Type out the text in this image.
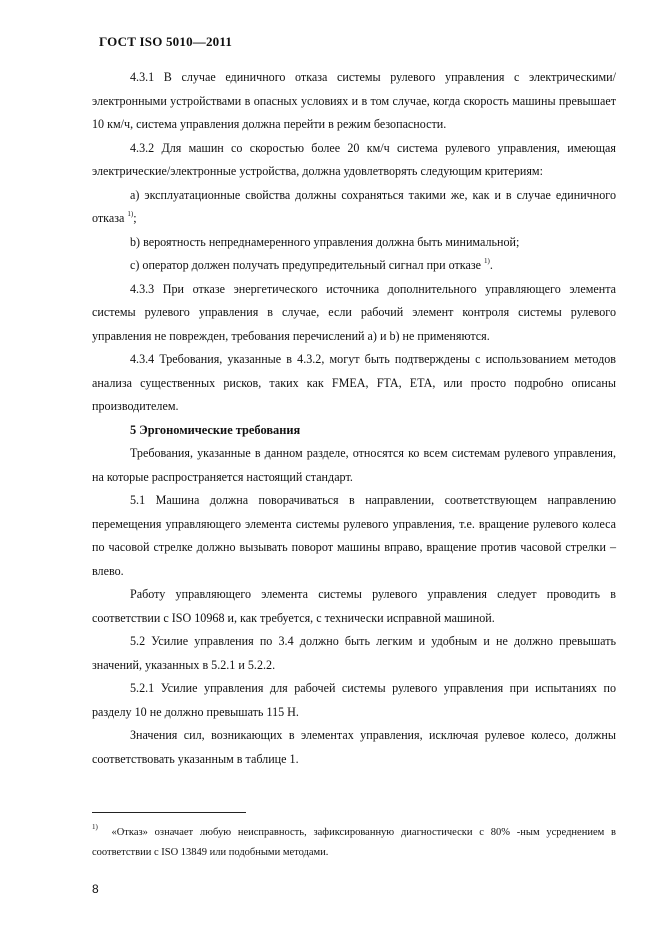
ГОСТ ISO 5010—2011

4.3.1 В случае единичного отказа системы рулевого управления с электрическими/электронными устройствами в опасных условиях и в том случае, когда скорость машины превышает 10 км/ч, система управления должна перейти в режим безопасности.

4.3.2 Для машин со скоростью более 20 км/ч система рулевого управления, имеющая электрические/электронные устройства, должна удовлетворять следующим критериям:

а) эксплуатационные свойства должны сохраняться такими же, как и в случае единичного отказа $^{1)}$;

b) вероятность непреднамеренного управления должна быть минимальной;

с) оператор должен получать предупредительный сигнал при отказе $^{1)}$.

4.3.3 При отказе энергетического источника дополнительного управляющего элемента системы рулевого управления в случае, если рабочий элемент контроля системы рулевого управления не поврежден, требования перечислений а) и b) не применяются.

4.3.4 Требования, указанные в 4.3.2, могут быть подтверждены с использованием методов анализа существенных рисков, таких как FMEA, FTA, ETA, или просто подробно описаны производителем.

5 Эргономические требования

Требования, указанные в данном разделе, относятся ко всем системам рулевого управления, на которые распространяется настоящий стандарт.

5.1 Машина должна поворачиваться в направлении, соответствующем направлению перемещения управляющего элемента системы рулевого управления, т.е. вращение рулевого колеса по часовой стрелке должно вызывать поворот машины вправо, вращение против часовой стрелки – влево.

Работу управляющего элемента системы рулевого управления следует проводить в соответствии с ISO 10968 и, как требуется, с технически исправной машиной.

5.2 Усилие управления по 3.4 должно быть легким и удобным и не должно превышать значений, указанных в 5.2.1 и 5.2.2.

5.2.1 Усилие управления для рабочей системы рулевого управления при испытаниях по разделу 10 не должно превышать 115 Н.

Значения сил, возникающих в элементах управления, исключая рулевое колесо, должны соответствовать указанным в таблице 1.

$^{1)}$ «Отказ» означает любую неисправность, зафиксированную диагностически с 80% -ным усреднением в соответствии с ISO 13849 или подобными методами.

8
